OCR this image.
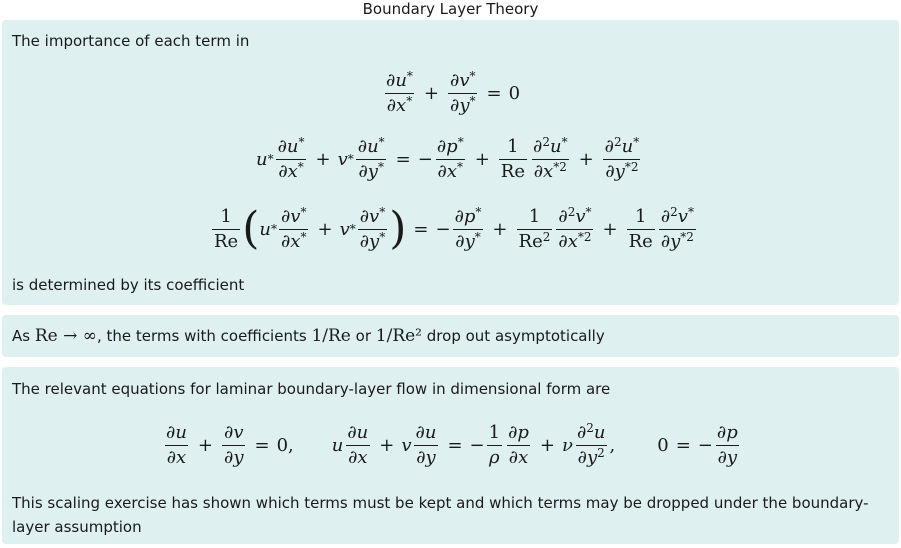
Boundary Layer Theory
The importance of each term in
$\frac{\partial u^*}{\partial x^*} + \frac{\partial v^*}{\partial y^*} = 0$
$u * \frac{\partial u^*}{\partial x^*} + v * \frac{\partial u^*}{\partial y^*}$ = − $\frac{\partial p^*}{\partial x^*} + \frac{1}{Re} \frac{\partial^2u^*}{\partial x^{*2}} + \frac{\partial^2u^*}{\partial y^{*2}}$
$\frac{1}{Re}$ ( $u * \frac{\partial v^*}{\partial x^*} + v * \frac{\partial v^*}{\partial y^*}$ ) = − $\frac{\partial p^*}{\partial y^*} + \frac{1}{Re^2} \frac{\partial^2v^*}{\partial x^{*2}} + \frac{1}{Re} \frac{\partial^2v^*}{\partial y^{*2}}$
is determined by its coefficient
As Re → ∞, the terms with coefficients 1/Re or 1/Re² drop out asymptotically
The relevant equations for laminar boundary-layer flow in dimensional form are
$\frac{\partial u}{\partial x} + \frac{\partial v}{\partial y} = 0$, u $\frac{\partial u}{\partial x} + v \frac{\partial u}{\partial y}$ = − $\frac{1}{\rho} \frac{\partial p}{\partial x} + \nu \frac{\partial^2u}{\partial y^2}$ , 0 = − $\frac{\partial p}{\partial y}$
This scaling exercise has shown which terms must be kept and which terms may be dropped under the boundary-layer assumption
